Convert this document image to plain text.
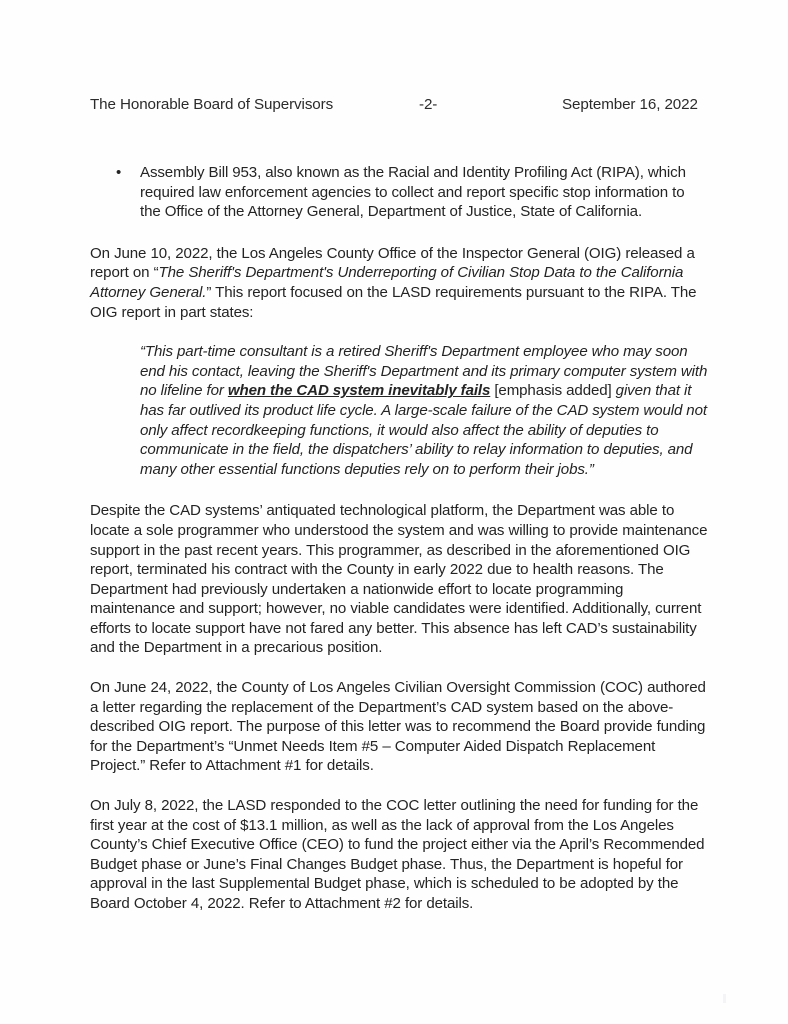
The Honorable Board of Supervisors	-2-	September 16, 2022
• Assembly Bill 953, also known as the Racial and Identity Profiling Act (RIPA), which required law enforcement agencies to collect and report specific stop information to the Office of the Attorney General, Department of Justice, State of California.

On June 10, 2022, the Los Angeles County Office of the Inspector General (OIG) released a report on “The Sheriff's Department's Underreporting of Civilian Stop Data to the California Attorney General.” This report focused on the LASD requirements pursuant to the RIPA. The OIG report in part states:

“This part-time consultant is a retired Sheriff's Department employee who may soon end his contact, leaving the Sheriff's Department and its primary computer system with no lifeline for when the CAD system inevitably fails [emphasis added] given that it has far outlived its product life cycle. A large-scale failure of the CAD system would not only affect recordkeeping functions, it would also affect the ability of deputies to communicate in the field, the dispatchers’ ability to relay information to deputies, and many other essential functions deputies rely on to perform their jobs.”

Despite the CAD systems’ antiquated technological platform, the Department was able to locate a sole programmer who understood the system and was willing to provide maintenance support in the past recent years. This programmer, as described in the aforementioned OIG report, terminated his contract with the County in early 2022 due to health reasons. The Department had previously undertaken a nationwide effort to locate programming maintenance and support; however, no viable candidates were identified. Additionally, current efforts to locate support have not fared any better. This absence has left CAD’s sustainability and the Department in a precarious position.

On June 24, 2022, the County of Los Angeles Civilian Oversight Commission (COC) authored a letter regarding the replacement of the Department’s CAD system based on the above-described OIG report. The purpose of this letter was to recommend the Board provide funding for the Department’s “Unmet Needs Item #5 – Computer Aided Dispatch Replacement Project.” Refer to Attachment #1 for details.

On July 8, 2022, the LASD responded to the COC letter outlining the need for funding for the first year at the cost of $13.1 million, as well as the lack of approval from the Los Angeles County’s Chief Executive Office (CEO) to fund the project either via the April’s Recommended Budget phase or June’s Final Changes Budget phase. Thus, the Department is hopeful for approval in the last Supplemental Budget phase, which is scheduled to be adopted by the Board October 4, 2022. Refer to Attachment #2 for details.
